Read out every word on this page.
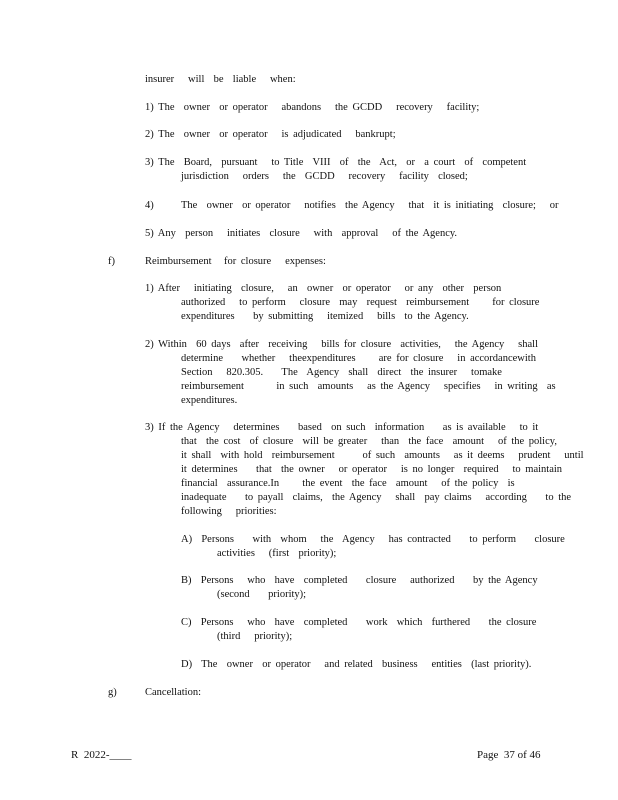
insurer   will  be  liable   when:
1) The  owner  or operator   abandons   the GCDD   recovery   facility;
2) The  owner  or operator   is adjudicated   bankrupt;
3) The  Board,  pursuant   to Title  VIII  of  the  Act,  or  a court  of  competent
jurisdiction   orders   the  GCDD   recovery   facility  closed;
4)	The  owner  or operator   notifies  the Agency   that  it is initiating  closure;   or
5) Any  person   initiates  closure   with  approval   of the Agency.
f)	Reimbursement for closure   expenses:
1) After   initiating  closure,   an  owner  or operator   or any  other  person
authorized   to perform   closure  may  request  reimbursement     for closure
expenditures    by submitting   itemized   bills  to the Agency.
2) Within  60 days  after  receiving   bills for closure  activities,   the Agency   shall
determine    whether   theexpenditures     are for closure   in accordancewith
Section   820.305.    The  Agency  shall  direct  the insurer   tomake
reimbursement       in such  amounts   as the Agency   specifies   in writing  as
expenditures.
3) If the Agency   determines    based  on such  information    as is available   to it
that  the cost  of closure  will be greater   than  the face  amount   of the policy,
it shall  with hold  reimbursement      of such  amounts   as it deems   prudent   until
it determines    that  the owner   or operator   is no longer  required   to maintain
financial  assurance.In     the event  the face  amount   of the policy  is
inadequate    to payall  claims,  the Agency   shall  pay claims   according    to the
following   priorities:
A)  Persons    with  whom   the  Agency   has contracted    to perform    closure
activities   (first  priority);
B)  Persons   who  have  completed    closure   authorized    by the Agency
(second    priority);
C)  Persons   who  have  completed    work  which  furthered    the closure
(third   priority);
D)  The  owner  or operator   and related  business   entities  (last priority).
g)	Cancellation:
R  2022-____	Page  37 of 46
